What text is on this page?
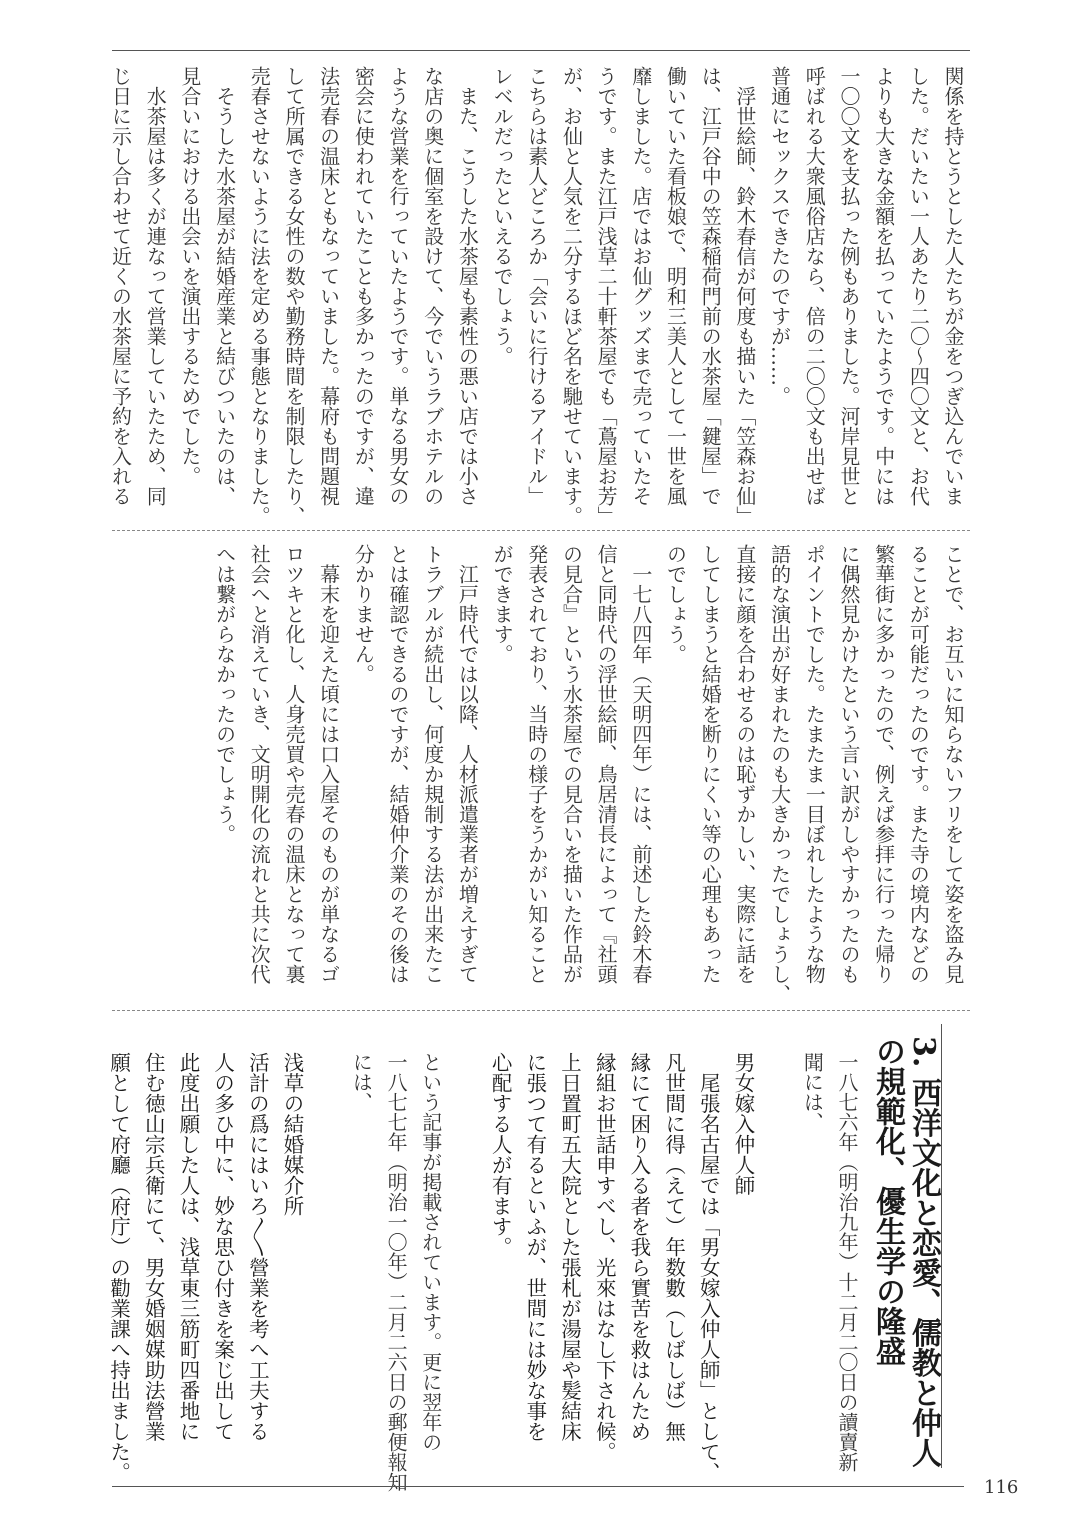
関係を持とうとした人たちが金をつぎ込んでいま
した。だいたい一人あたり二〇～四〇文と、お代
よりも大きな金額を払っていたようです。中には
一〇〇文を支払った例もありました。河岸見世と
呼ばれる大衆風俗店なら、倍の二〇〇文も出せば
普通にセックスできたのですが……。
　浮世絵師、鈴木春信が何度も描いた「笠森お仙」
は、江戸谷中の笠森稲荷門前の水茶屋「鍵屋」で
働いていた看板娘で、明和三美人として一世を風
靡しました。店ではお仙グッズまで売っていたそ
うです。また江戸浅草二十軒茶屋でも「蔦屋お芳」
が、お仙と人気を二分するほど名を馳せています。
こちらは素人どころか「会いに行けるアイドル」
レベルだったといえるでしょう。
　また、こうした水茶屋も素性の悪い店では小さ
な店の奥に個室を設けて、今でいうラブホテルの
ような営業を行っていたようです。単なる男女の
密会に使われていたことも多かったのですが、違
法売春の温床ともなっていました。幕府も問題視
して所属できる女性の数や勤務時間を制限したり、
売春させないように法を定める事態となりました。
　そうした水茶屋が結婚産業と結びついたのは、
見合いにおける出会いを演出するためでした。
　水茶屋は多くが連なって営業していたため、同
じ日に示し合わせて近くの水茶屋に予約を入れる
ことで、お互いに知らないフリをして姿を盗み見
ることが可能だったのです。また寺の境内などの
繁華街に多かったので、例えば参拝に行った帰り
に偶然見かけたという言い訳がしやすかったのも
ポイントでした。たまたま一目ぼれしたような物
語的な演出が好まれたのも大きかったでしょうし、
直接に顔を合わせるのは恥ずかしい、実際に話を
してしまうと結婚を断りにくい等の心理もあった
のでしょう。
　一七八四年（天明四年）には、前述した鈴木春
信と同時代の浮世絵師、鳥居清長によって『社頭
の見合』という水茶屋での見合いを描いた作品が
発表されており、当時の様子をうかがい知ること
ができます。
　江戸時代では以降、人材派遣業者が増えすぎて
トラブルが続出し、何度か規制する法が出来たこ
とは確認できるのですが、結婚仲介業のその後は
分かりません。
　幕末を迎えた頃には口入屋そのものが単なるゴ
ロツキと化し、人身売買や売春の温床となって裏
社会へと消えていき、文明開化の流れと共に次代
へは繋がらなかったのでしょう。
3. 西洋文化と恋愛、儒教と仲人
の規範化、優生学の隆盛
一八七六年（明治九年）十二月二〇日の讀賣新
聞には、

男女嫁入仲人師
　尾張名古屋では「男女嫁入仲人師」として、
凡世間に得（えて）年数數（しばしば）無
縁にて困り入る者を我ら實苦を救はんため
縁組お世話申すべし、光來はなし下され候。
上日置町五大院とした張札が湯屋や髪結床
に張つて有るといふが、世間には妙な事を
心配する人が有ます。

という記事が掲載されています。更に翌年の
一八七七年（明治一〇年）二月二六日の郵便報知
には、

浅草の結婚媒介所
活計の爲にはいろ〱營業を考へ工夫する
人の多ひ中に、妙な思ひ付きを案じ出して
此度出願した人は、浅草東三筋町四番地に
住む徳山宗兵衛にて、男女婚姻媒助法營業
願として府廳（府庁）の勸業課へ持出ました。
116
